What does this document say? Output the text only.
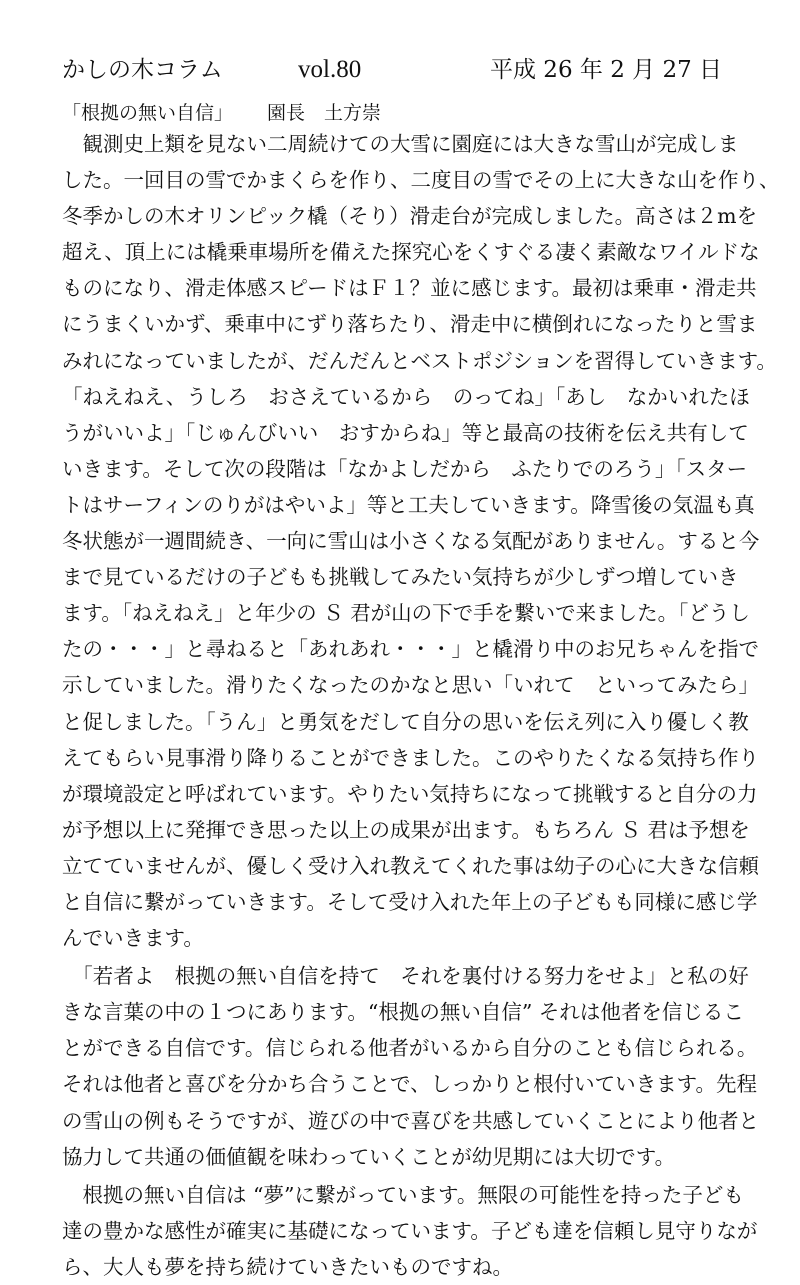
かしの木コラム	vol.80	平成 26 年 2 月 27 日
「根拠の無い自信」 園長　土方崇
　観測史上類を見ない二周続けての大雪に園庭には大きな雪山が完成しま
した。一回目の雪でかまくらを作り、二度目の雪でその上に大きな山を作り、
冬季かしの木オリンピック橇（そり）滑走台が完成しました。高さは２mを
超え、頂上には橇乗車場所を備えた探究心をくすぐる凄く素敵なワイルドな
ものになり、滑走体感スピードはＦ１？並に感じます。最初は乗車・滑走共
にうまくいかず、乗車中にずり落ちたり、滑走中に横倒れになったりと雪ま
みれになっていましたが、だんだんとベストポジションを習得していきます。
「ねえねえ、うしろ　おさえているから　のってね」「あし　なかいれたほ
うがいいよ」「じゅんびいい　おすからね」等と最高の技術を伝え共有して
いきます。そして次の段階は「なかよしだから　ふたりでのろう」「スター
トはサーフィンのりがはやいよ」等と工夫していきます。降雪後の気温も真
冬状態が一週間続き、一向に雪山は小さくなる気配がありません。すると今
まで見ているだけの子どもも挑戦してみたい気持ちが少しずつ増していき
ます。「ねえねえ」と年少の Ｓ 君が山の下で手を繋いで来ました。「どうし
たの・・・」と尋ねると「あれあれ・・・」と橇滑り中のお兄ちゃんを指で
示していました。滑りたくなったのかなと思い「いれて　といってみたら」
と促しました。「うん」と勇気をだして自分の思いを伝え列に入り優しく教
えてもらい見事滑り降りることができました。このやりたくなる気持ち作り
が環境設定と呼ばれています。やりたい気持ちになって挑戦すると自分の力
が予想以上に発揮でき思った以上の成果が出ます。もちろん Ｓ 君は予想を
立てていませんが、優しく受け入れ教えてくれた事は幼子の心に大きな信頼
と自信に繋がっていきます。そして受け入れた年上の子どもも同様に感じ学
んでいきます。
　「若者よ　根拠の無い自信を持て　それを裏付ける努力をせよ」と私の好
きな言葉の中の１つにあります。“根拠の無い自信” それは他者を信じるこ
とができる自信です。信じられる他者がいるから自分のことも信じられる。
それは他者と喜びを分かち合うことで、しっかりと根付いていきます。先程
の雪山の例もそうですが、遊びの中で喜びを共感していくことにより他者と
協力して共通の価値観を味わっていくことが幼児期には大切です。
　根拠の無い自信は “夢”に繋がっています。無限の可能性を持った子ども
達の豊かな感性が確実に基礎になっています。子ども達を信頼し見守りなが
ら、大人も夢を持ち続けていきたいものですね。
